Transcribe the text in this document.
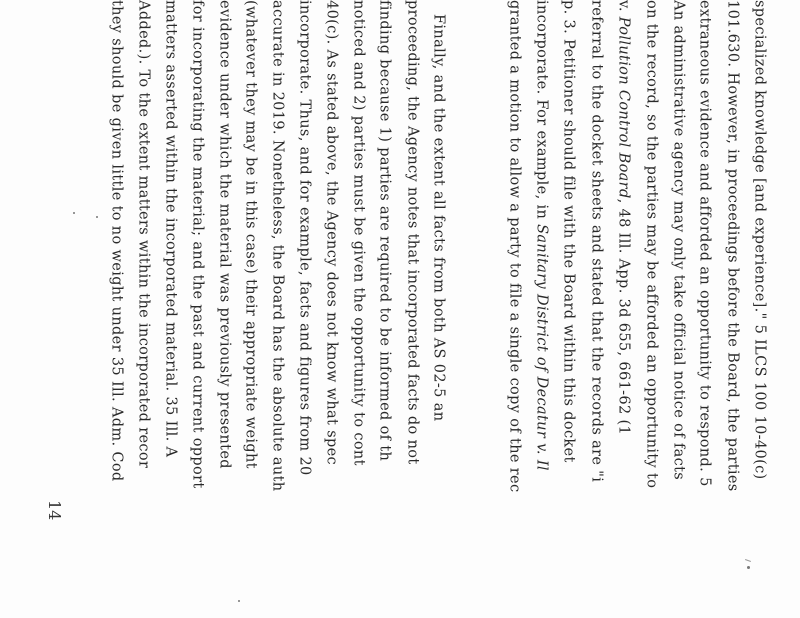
specialized knowledge [and experience]." 5 ILCS 100 10-40(c)
101.630. However, in proceedings before the Board, the parties
extraneous evidence and afforded an opportunity to respond. 5
An administrative agency may only take official notice of facts
on the record, so the parties may be afforded an opportunity to
v. Pollution Control Board, 48 Ill. App. 3d 655, 661-62 (1
referral to the docket sheets and stated that the records are "i
p. 3. Petitioner should file with the Board within this docket
incorporate. For example, in Sanitary District of Decatur v. Il
granted a motion to allow a party to file a single copy of the rec
Finally, and the extent all facts from both AS 02-5 an
proceeding, the Agency notes that incorporated facts do not
finding because 1) parties are required to be informed of th
noticed and 2) parties must be given the opportunity to cont
40(c). As stated above, the Agency does not know what spec
incorporate. Thus, and for example, facts and figures from 20
accurate in 2019. Nonetheless, the Board has the absolute auth
(whatever they may be in this case) their appropriate weight
evidence under which the material was previously presented
for incorporating the material; and the past and current opport
matters asserted within the incorporated material. 35 Ill. A
Added.). To the extent matters within the incorporated recor
they should be given little to no weight under 35 Ill. Adm. Cod
14
